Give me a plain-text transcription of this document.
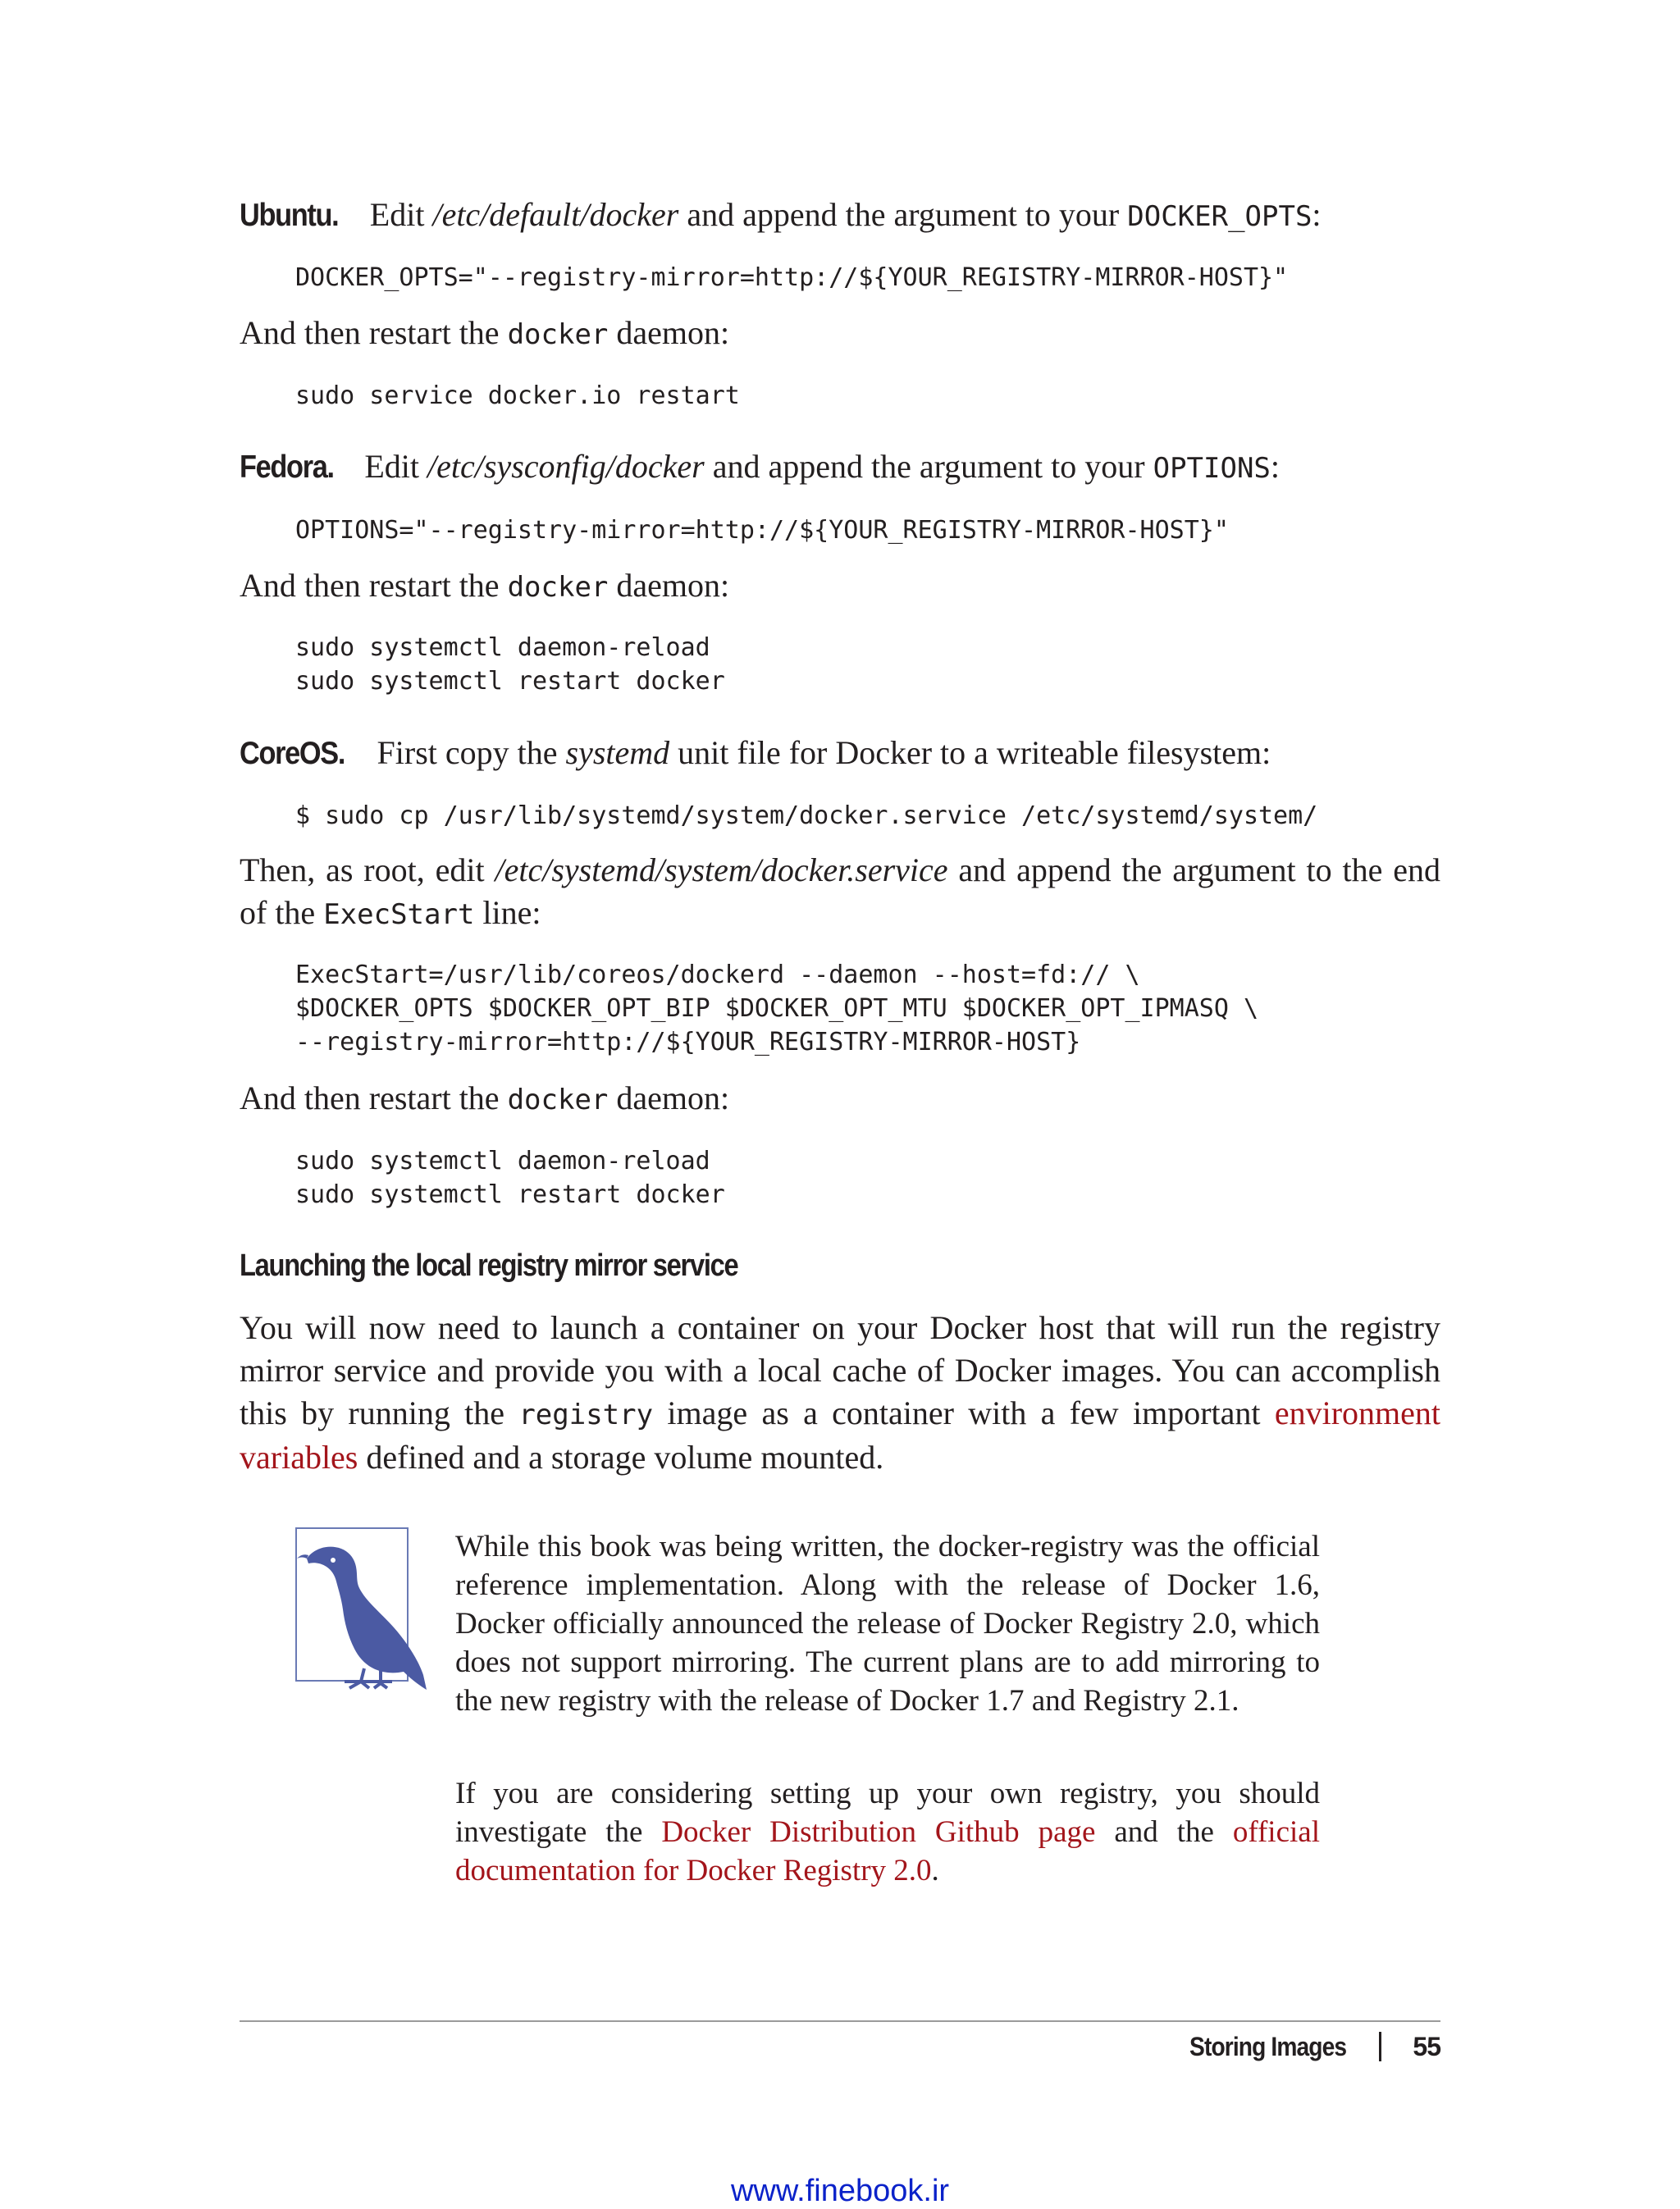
Ubuntu. Edit /etc/default/docker and append the argument to your DOCKER_OPTS:

DOCKER_OPTS="--registry-mirror=http://${YOUR_REGISTRY-MIRROR-HOST}"

And then restart the docker daemon:

sudo service docker.io restart

Fedora. Edit /etc/sysconfig/docker and append the argument to your OPTIONS:

OPTIONS="--registry-mirror=http://${YOUR_REGISTRY-MIRROR-HOST}"

And then restart the docker daemon:

sudo systemctl daemon-reload
sudo systemctl restart docker

CoreOS. First copy the systemd unit file for Docker to a writeable filesystem:

$ sudo cp /usr/lib/systemd/system/docker.service /etc/systemd/system/

Then, as root, edit /etc/systemd/system/docker.service and append the argument to the end of the ExecStart line:

ExecStart=/usr/lib/coreos/dockerd --daemon --host=fd:// \
$DOCKER_OPTS $DOCKER_OPT_BIP $DOCKER_OPT_MTU $DOCKER_OPT_IPMASQ \
--registry-mirror=http://${YOUR_REGISTRY-MIRROR-HOST}

And then restart the docker daemon:

sudo systemctl daemon-reload
sudo systemctl restart docker
Launching the local registry mirror service

You will now need to launch a container on your Docker host that will run the registry mirror service and provide you with a local cache of Docker images. You can accomplish this by running the registry image as a container with a few important environment variables defined and a storage volume mounted.

While this book was being written, the docker-registry was the official reference implementation. Along with the release of Docker 1.6, Docker officially announced the release of Docker Registry 2.0, which does not support mirroring. The current plans are to add mirroring to the new registry with the release of Docker 1.7 and Registry 2.1.

If you are considering setting up your own registry, you should investigate the Docker Distribution Github page and the official documentation for Docker Registry 2.0.

Storing Images	55
www.finebook.ir
